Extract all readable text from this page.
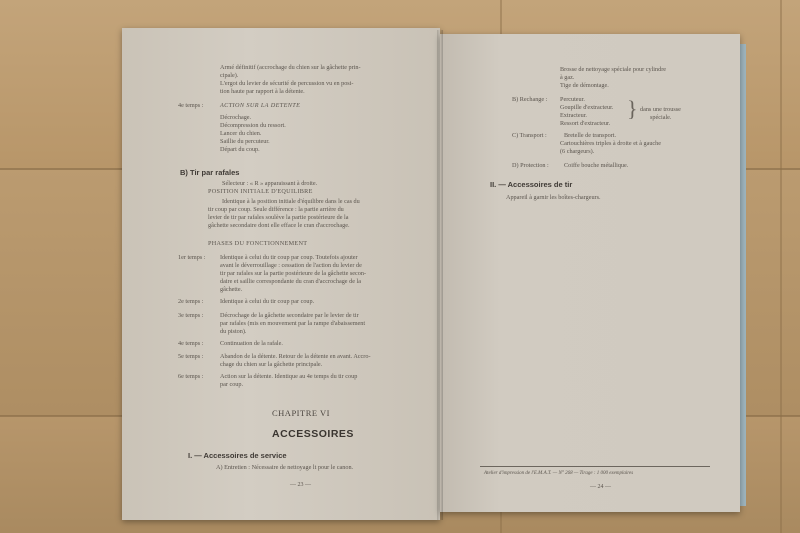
Armé définitif (accrochage du chien sur la gâchette prin-
cipale).
L'ergot du levier de sécurité de percussion vu en posi-
tion haute par rapport à la détente.
4e temps :	ACTION SUR LA DETENTE
Décrochage.
Décompression du ressort.
Lancer du chien.
Saillie du percuteur.
Départ du coup.
B) Tir par rafales
Sélecteur : « R » apparaissant à droite.
POSITION INITIALE D'EQUILIBRE
Identique à la position initiale d'équilibre dans le cas du
tir coup par coup. Seule différence : la partie arrière du
levier de tir par rafales soulève la partie postérieure de la
gâchette secondaire dont elle efface le cran d'accrochage.
PHASES DU FONCTIONNEMENT
1er temps : Identique à celui du tir coup par coup. Toutefois ajouter
avant le déverrouillage : cessation de l'action du levier de
tir par rafales sur la partie postérieure de la gâchette secon-
daire et saillie correspondante du cran d'accrochage de la
gâchette.
2e temps :	Identique à celui du tir coup par coup.
3e temps :	Décrochage de la gâchette secondaire par le levier de tir
par rafales (mis en mouvement par la rampe d'abaissement
du piston).
4e temps :	Continuation de la rafale.
5e temps :	Abandon de la détente. Retour de la détente en avant. Accro-
chage du chien sur la gâchette principale.
6e temps :	Action sur la détente. Identique au 4e temps du tir coup
par coup.
CHAPITRE VI
ACCESSOIRES
I. — Accessoires de service
A) Entretien : Nécessaire de nettoyage lt pour le canon.
— 23 —
Brosse de nettoyage spéciale pour cylindre
à gaz.
Tige de démontage.
B) Rechange : Percuteur.
Goupille d'extracteur.
Extracteur.
Ressort d'extracteur.
} dans une trousse
spéciale.
C) Transport :	Bretelle de transport.
Cartouchières triples à droite et à gauche
(6 chargeurs).
D) Protection : Coiffe bouche métallique.
II. — Accessoires de tir
Appareil à garnir les boîtes-chargeurs.
Atelier d'impression de l'E.M.A.T. — N° 268 — Tirage : 1 000 exemplaires
— 24 —
